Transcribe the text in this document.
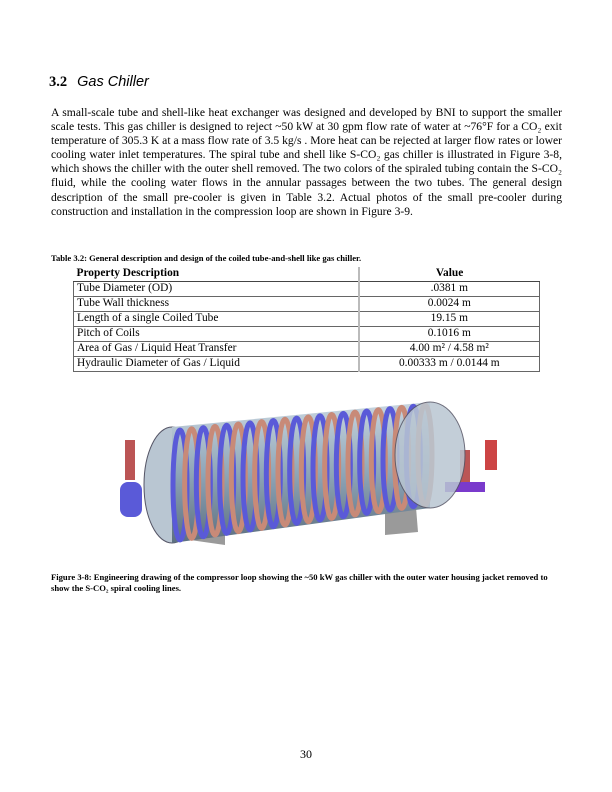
3.2 Gas Chiller
A small-scale tube and shell-like heat exchanger was designed and developed by BNI to support the smaller scale tests. This gas chiller is designed to reject ~50 kW at 30 gpm flow rate of water at ~76°F for a CO₂ exit temperature of 305.3 K at a mass flow rate of 3.5 kg/s . More heat can be rejected at larger flow rates or lower cooling water inlet temperatures. The spiral tube and shell like S-CO₂ gas chiller is illustrated in Figure 3-8, which shows the chiller with the outer shell removed. The two colors of the spiraled tubing contain the S-CO₂ fluid, while the cooling water flows in the annular passages between the two tubes. The general design description of the small pre-cooler is given in Table 3.2. Actual photos of the small pre-cooler during construction and installation in the compression loop are shown in Figure 3-9.
Table 3.2: General description and design of the coiled tube-and-shell like gas chiller.
Property Description	Value
Tube Diameter (OD)	.0381 m
Tube Wall thickness	0.0024 m
Length of a single Coiled Tube	19.15 m
Pitch of Coils	0.1016 m
Area of Gas / Liquid Heat Transfer	4.00 m² / 4.58 m²
Hydraulic Diameter of Gas / Liquid	0.00333 m / 0.0144 m
Figure 3-8: Engineering drawing of the compressor loop showing the ~50 kW gas chiller with the outer water housing jacket removed to show the S-CO₂ spiral cooling lines.
30
